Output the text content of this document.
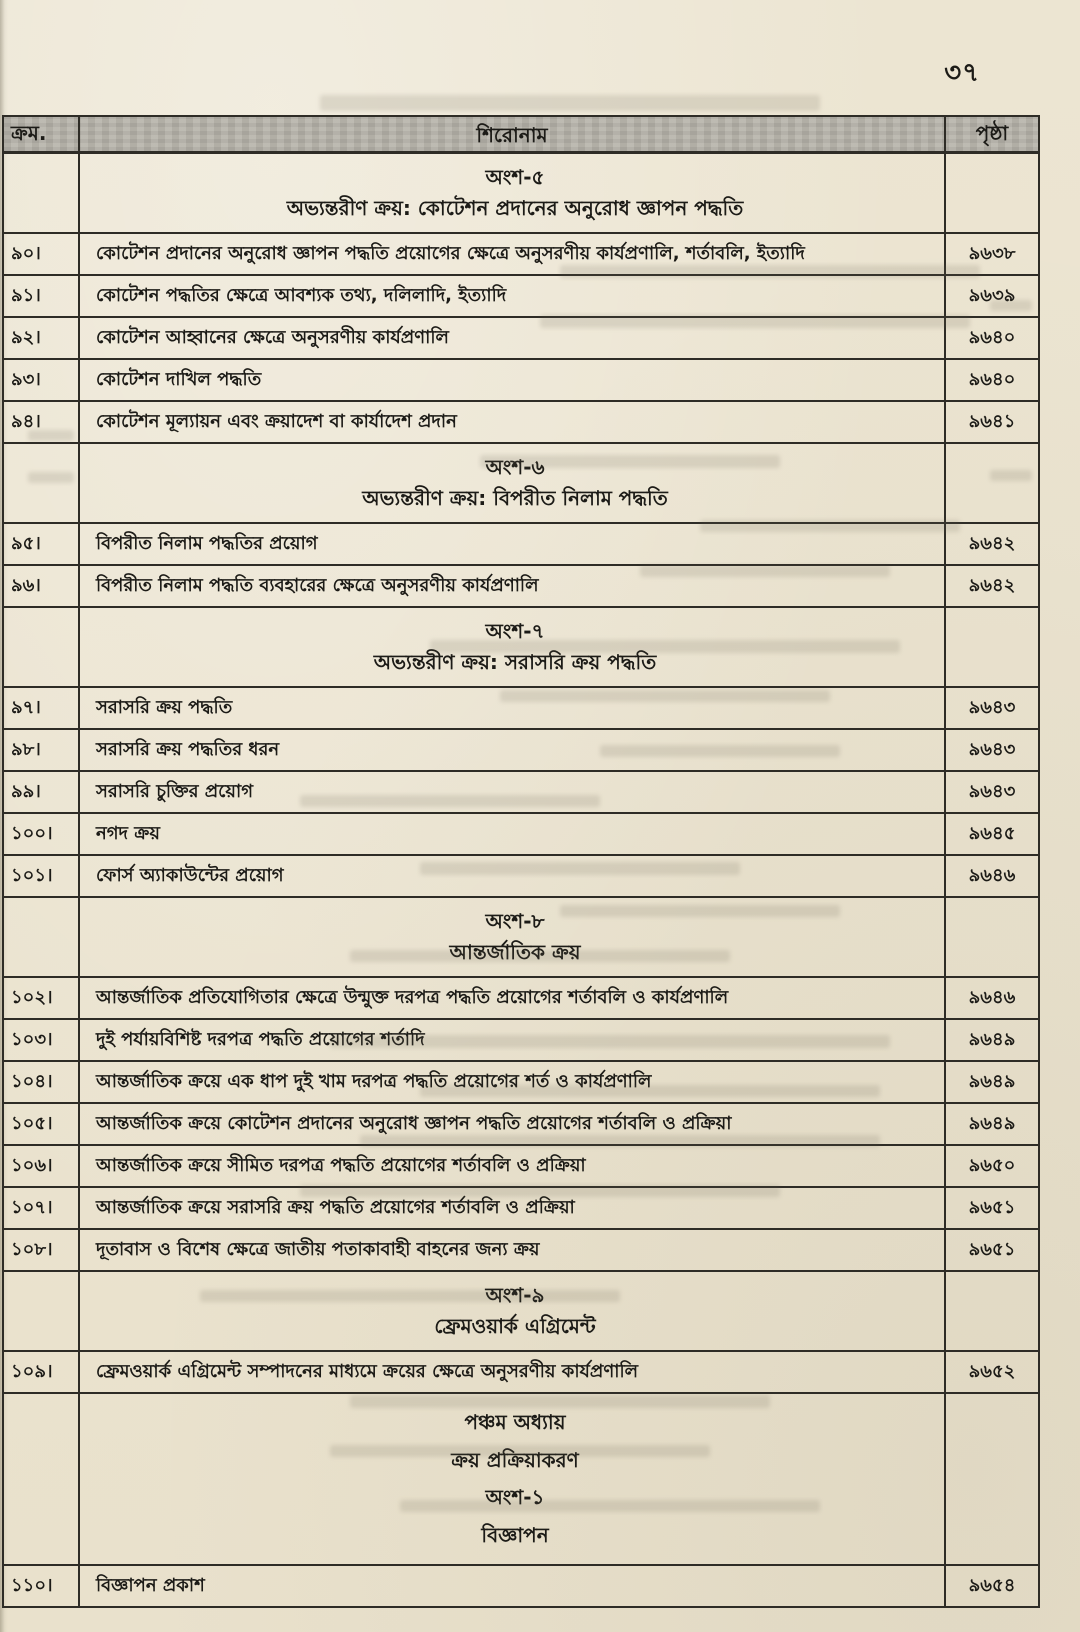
৩৭
ক্রম.	শিরোনাম	পৃষ্ঠা
অংশ-৫
অভ্যন্তরীণ ক্রয়: কোটেশন প্রদানের অনুরোধ জ্ঞাপন পদ্ধতি
৯০।	কোটেশন প্রদানের অনুরোধ জ্ঞাপন পদ্ধতি প্রয়োগের ক্ষেত্রে অনুসরণীয় কার্যপ্রণালি, শর্তাবলি, ইত্যাদি	৯৬৩৮
৯১।	কোটেশন পদ্ধতির ক্ষেত্রে আবশ্যক তথ্য, দলিলাদি, ইত্যাদি	৯৬৩৯
৯২।	কোটেশন আহ্বানের ক্ষেত্রে অনুসরণীয় কার্যপ্রণালি	৯৬৪০
৯৩।	কোটেশন দাখিল পদ্ধতি	৯৬৪০
৯৪।	কোটেশন মূল্যায়ন এবং ক্রয়াদেশ বা কার্যাদেশ প্রদান	৯৬৪১
অংশ-৬
অভ্যন্তরীণ ক্রয়: বিপরীত নিলাম পদ্ধতি
৯৫।	বিপরীত নিলাম পদ্ধতির প্রয়োগ	৯৬৪২
৯৬।	বিপরীত নিলাম পদ্ধতি ব্যবহারের ক্ষেত্রে অনুসরণীয় কার্যপ্রণালি	৯৬৪২
অংশ-৭
অভ্যন্তরীণ ক্রয়: সরাসরি ক্রয় পদ্ধতি
৯৭।	সরাসরি ক্রয় পদ্ধতি	৯৬৪৩
৯৮।	সরাসরি ক্রয় পদ্ধতির ধরন	৯৬৪৩
৯৯।	সরাসরি চুক্তির প্রয়োগ	৯৬৪৩
১০০।	নগদ ক্রয়	৯৬৪৫
১০১।	ফোর্স অ্যাকাউন্টের প্রয়োগ	৯৬৪৬
অংশ-৮
আন্তর্জাতিক ক্রয়
১০২।	আন্তর্জাতিক প্রতিযোগিতার ক্ষেত্রে উন্মুক্ত দরপত্র পদ্ধতি প্রয়োগের শর্তাবলি ও কার্যপ্রণালি	৯৬৪৬
১০৩।	দুই পর্যায়বিশিষ্ট দরপত্র পদ্ধতি প্রয়োগের শর্তাদি	৯৬৪৯
১০৪।	আন্তর্জাতিক ক্রয়ে এক ধাপ দুই খাম দরপত্র পদ্ধতি প্রয়োগের শর্ত ও কার্যপ্রণালি	৯৬৪৯
১০৫।	আন্তর্জাতিক ক্রয়ে কোটেশন প্রদানের অনুরোধ জ্ঞাপন পদ্ধতি প্রয়োগের শর্তাবলি ও প্রক্রিয়া	৯৬৪৯
১০৬।	আন্তর্জাতিক ক্রয়ে সীমিত দরপত্র পদ্ধতি প্রয়োগের শর্তাবলি ও প্রক্রিয়া	৯৬৫০
১০৭।	আন্তর্জাতিক ক্রয়ে সরাসরি ক্রয় পদ্ধতি প্রয়োগের শর্তাবলি ও প্রক্রিয়া	৯৬৫১
১০৮।	দূতাবাস ও বিশেষ ক্ষেত্রে জাতীয় পতাকাবাহী বাহনের জন্য ক্রয়	৯৬৫১
অংশ-৯
ফ্রেমওয়ার্ক এগ্রিমেন্ট
১০৯।	ফ্রেমওয়ার্ক এগ্রিমেন্ট সম্পাদনের মাধ্যমে ক্রয়ের ক্ষেত্রে অনুসরণীয় কার্যপ্রণালি	৯৬৫২
পঞ্চম অধ্যায়
ক্রয় প্রক্রিয়াকরণ
অংশ-১
বিজ্ঞাপন
১১০।	বিজ্ঞাপন প্রকাশ	৯৬৫৪
